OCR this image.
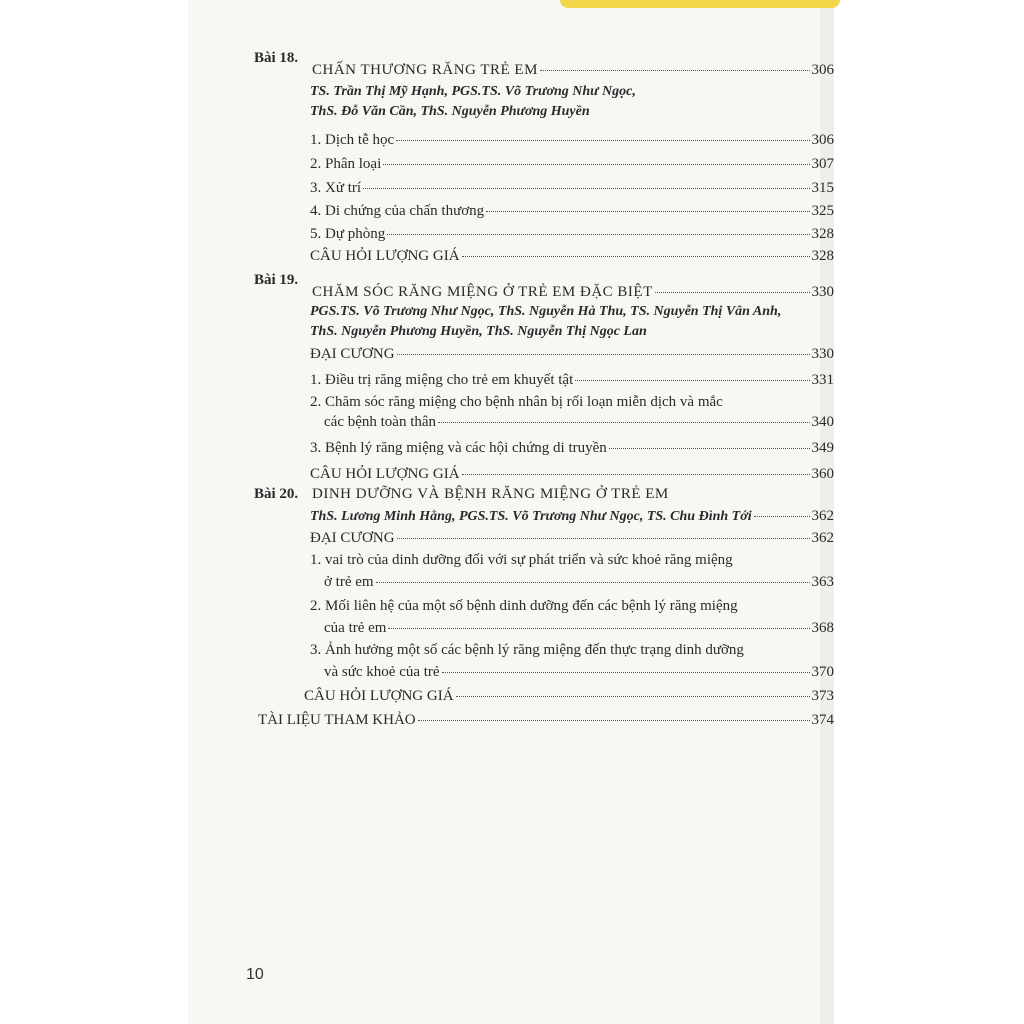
Bài 18.
CHẤN THƯƠNG RĂNG TRẺ EM	306
TS. Trần Thị Mỹ Hạnh, PGS.TS. Võ Trương Như Ngọc,
ThS. Đỗ Văn Cần, ThS. Nguyễn Phương Huyền
1. Dịch tễ học	306
2. Phân loại	307
3. Xử trí	315
4. Di chứng của chấn thương	325
5. Dự phòng	328
CÂU HỎI LƯỢNG GIÁ	328
Bài 19.
CHĂM SÓC RĂNG MIỆNG Ở TRẺ EM ĐẶC BIỆT	330
PGS.TS. Võ Trương Như Ngọc, ThS. Nguyễn Hà Thu, TS. Nguyễn Thị Vân Anh,
ThS. Nguyễn Phương Huyền, ThS. Nguyễn Thị Ngọc Lan
ĐẠI CƯƠNG	330
1. Điều trị răng miệng cho trẻ em khuyết tật	331
2. Chăm sóc răng miệng cho bệnh nhân bị rối loạn miễn dịch và mắc
các bệnh toàn thân	340
3. Bệnh lý răng miệng và các hội chứng di truyền	349
CÂU HỎI LƯỢNG GIÁ	360
Bài 20. DINH DƯỠNG VÀ BỆNH RĂNG MIỆNG Ở TRẺ EM
ThS. Lương Minh Hằng, PGS.TS. Võ Trương Như Ngọc, TS. Chu Đình Tới	362
ĐẠI CƯƠNG	362
1. vai trò của dinh dưỡng đối với sự phát triển và sức khoẻ răng miệng
ở trẻ em	363
2. Mối liên hệ của một số bệnh dinh dưỡng đến các bệnh lý răng miệng
của trẻ em	368
3. Ảnh hưởng một số các bệnh lý răng miệng đến thực trạng dinh dưỡng
và sức khoẻ của trẻ	370
CÂU HỎI LƯỢNG GIÁ	373
TÀI LIỆU THAM KHẢO	374
10
